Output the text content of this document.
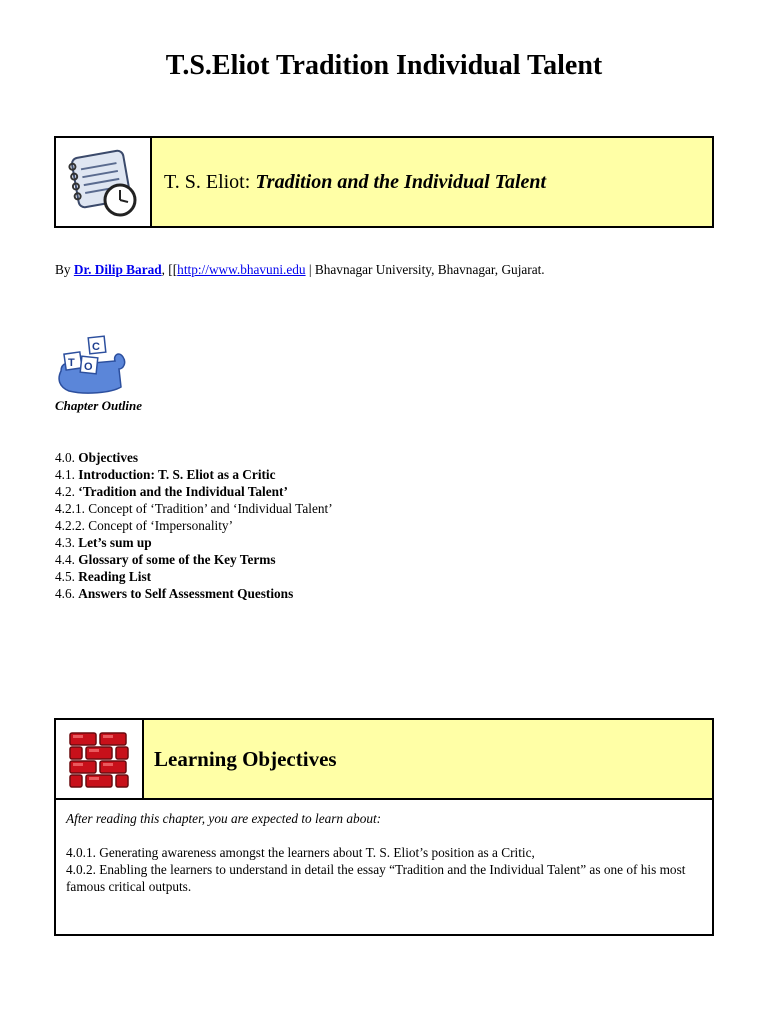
T.S.Eliot Tradition Individual Talent
T. S. Eliot: Tradition and the Individual Talent
By Dr. Dilip Barad, [[http://www.bhavuni.edu | Bhavnagar University, Bhavnagar, Gujarat.
T O
C
Chapter Outline
4.0. Objectives
4.1. Introduction: T. S. Eliot as a Critic
4.2. ‘Tradition and the Individual Talent’
4.2.1. Concept of ‘Tradition’ and ‘Individual Talent’
4.2.2. Concept of ‘Impersonality’
4.3. Let’s sum up
4.4. Glossary of some of the Key Terms
4.5. Reading List
4.6. Answers to Self Assessment Questions
Learning Objectives
After reading this chapter, you are expected to learn about:

4.0.1. Generating awareness amongst the learners about T. S. Eliot’s position as a Critic,

4.0.2. Enabling the learners to understand in detail the essay “Tradition and the Individual Talent” as one of his most famous critical outputs.
